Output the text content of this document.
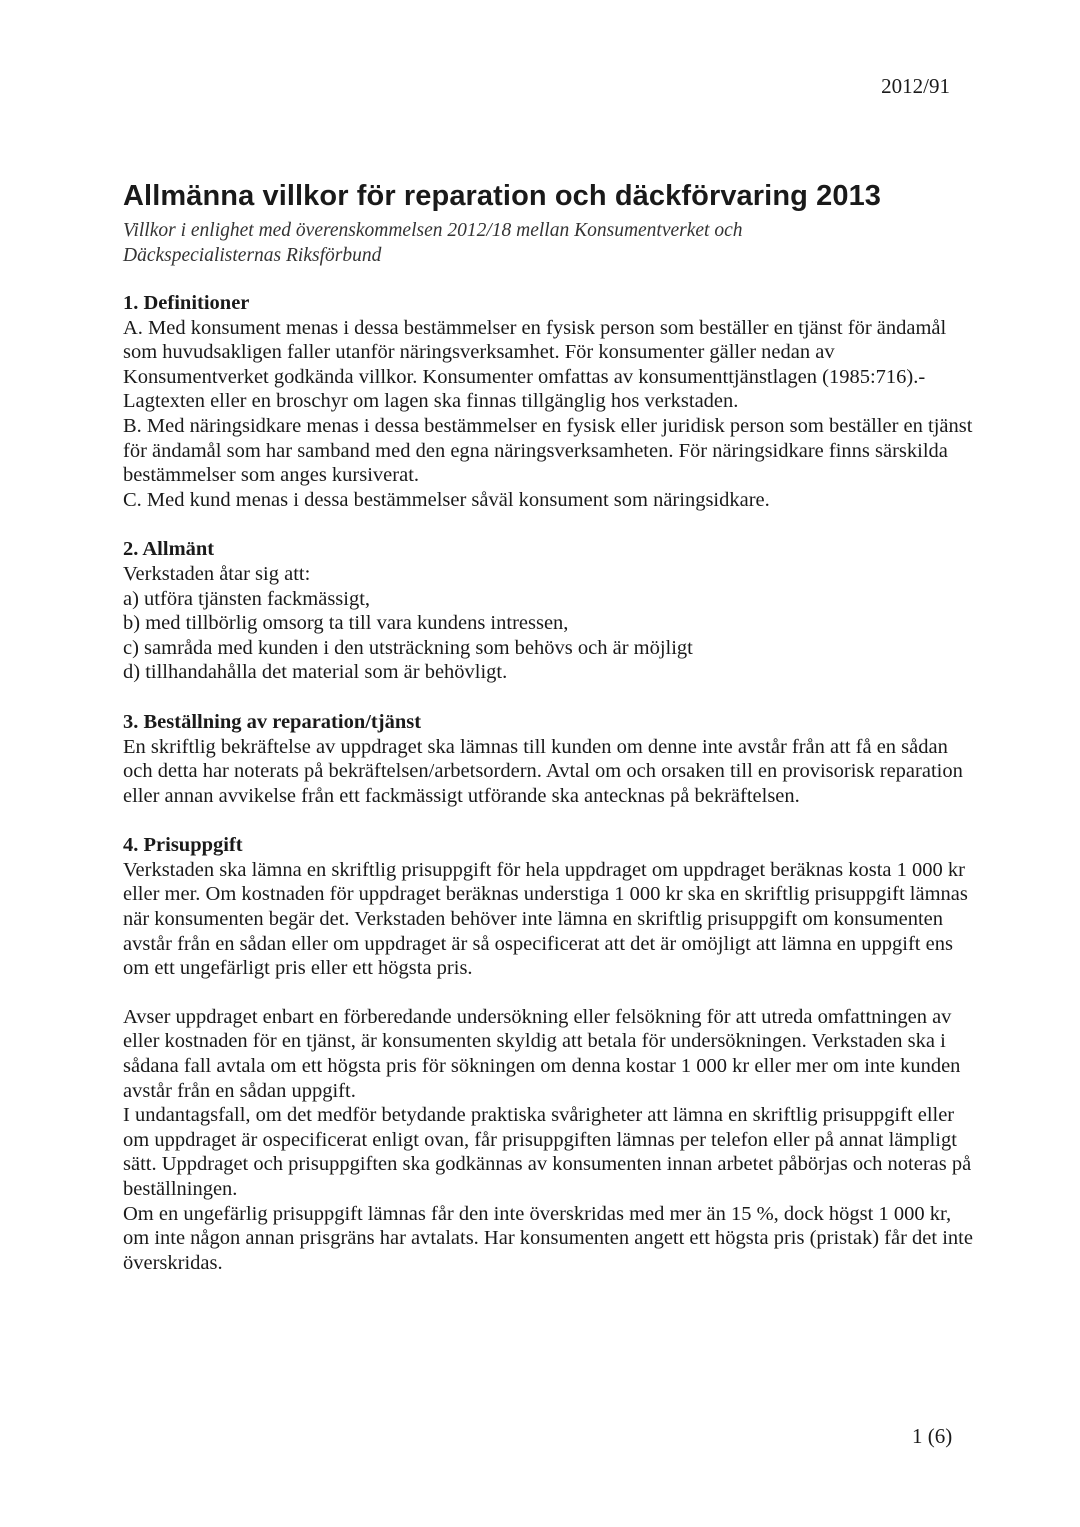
2012/91
Allmänna villkor för reparation och däckförvaring 2013

Villkor i enlighet med överenskommelsen 2012/18 mellan Konsumentverket och Däckspecialisternas Riksförbund

1. Definitioner

A. Med konsument menas i dessa bestämmelser en fysisk person som beställer en tjänst för ändamål som huvudsakligen faller utanför näringsverksamhet. För konsumenter gäller nedan av Konsumentverket godkända villkor. Konsumenter omfattas av konsumenttjänstlagen (1985:716).-Lagtexten eller en broschyr om lagen ska finnas tillgänglig hos verkstaden.

B. Med näringsidkare menas i dessa bestämmelser en fysisk eller juridisk person som beställer en tjänst för ändamål som har samband med den egna näringsverksamheten. För näringsidkare finns särskilda bestämmelser som anges kursiverat.

C. Med kund menas i dessa bestämmelser såväl konsument som näringsidkare.

2. Allmänt

Verkstaden åtar sig att:

a) utföra tjänsten fackmässigt,

b) med tillbörlig omsorg ta till vara kundens intressen,

c) samråda med kunden i den utsträckning som behövs och är möjligt

d) tillhandahålla det material som är behövligt.

3. Beställning av reparation/tjänst

En skriftlig bekräftelse av uppdraget ska lämnas till kunden om denne inte avstår från att få en sådan och detta har noterats på bekräftelsen/arbetsordern. Avtal om och orsaken till en provisorisk reparation eller annan avvikelse från ett fackmässigt utförande ska antecknas på bekräftelsen.

4. Prisuppgift

Verkstaden ska lämna en skriftlig prisuppgift för hela uppdraget om uppdraget beräknas kosta 1 000 kr eller mer. Om kostnaden för uppdraget beräknas understiga 1 000 kr ska en skriftlig prisuppgift lämnas när konsumenten begär det. Verkstaden behöver inte lämna en skriftlig prisuppgift om konsumenten avstår från en sådan eller om uppdraget är så ospecificerat att det är omöjligt att lämna en uppgift ens om ett ungefärligt pris eller ett högsta pris.

Avser uppdraget enbart en förberedande undersökning eller felsökning för att utreda omfattningen av eller kostnaden för en tjänst, är konsumenten skyldig att betala för undersökningen. Verkstaden ska i sådana fall avtala om ett högsta pris för sökningen om denna kostar 1 000 kr eller mer om inte kunden avstår från en sådan uppgift.

I undantagsfall, om det medför betydande praktiska svårigheter att lämna en skriftlig prisuppgift eller om uppdraget är ospecificerat enligt ovan, får prisuppgiften lämnas per telefon eller på annat lämpligt sätt. Uppdraget och prisuppgiften ska godkännas av konsumenten innan arbetet påbörjas och noteras på beställningen.

Om en ungefärlig prisuppgift lämnas får den inte överskridas med mer än 15 %, dock högst 1 000 kr, om inte någon annan prisgräns har avtalats. Har konsumenten angett ett högsta pris (pristak) får det inte överskridas.

1 (6)
